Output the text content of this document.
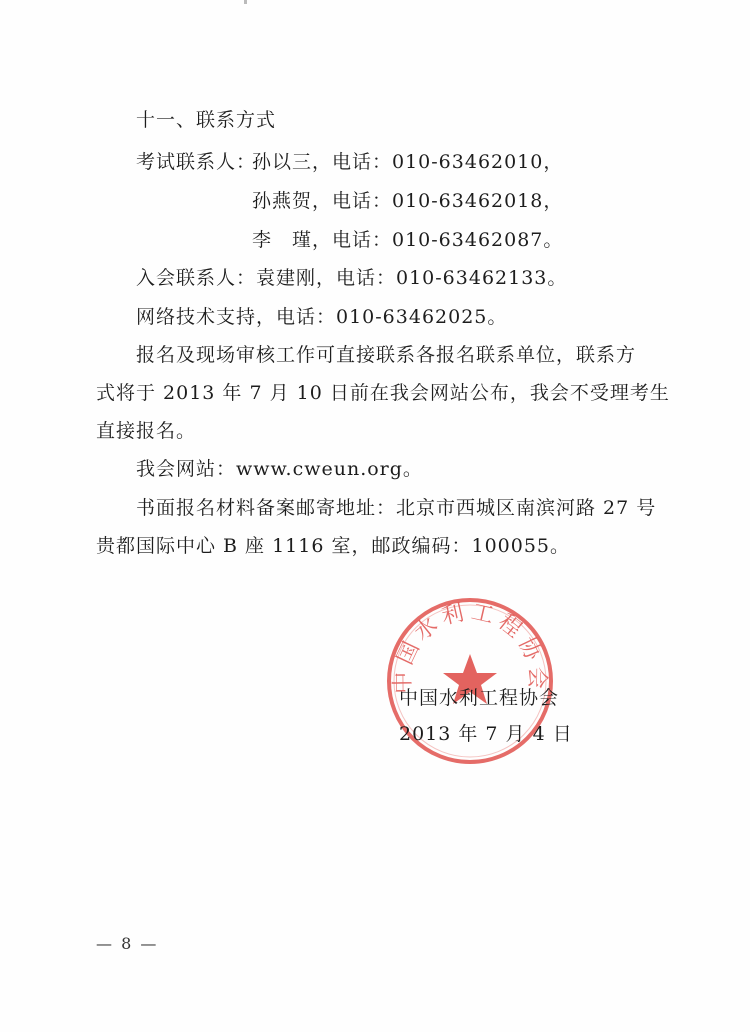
十一、联系方式
考试联系人：
孙以三，电话：010-63462010，
孙燕贺，电话：010-63462018，
李　瑾，电话：010-63462087。
入会联系人：袁建刚，电话：010-63462133。
网络技术支持，电话：010-63462025。
报名及现场审核工作可直接联系各报名联系单位，联系方
式将于 2013 年 7 月 10 日前在我会网站公布，我会不受理考生
直接报名。
我会网站：www.cweun.org。
书面报名材料备案邮寄地址：北京市西城区南滨河路 27 号
贵都国际中心 B 座 1116 室，邮政编码：100055。
中国水利工程协会
中国水利工程协会
2013 年 7 月 4 日
— 8 —
